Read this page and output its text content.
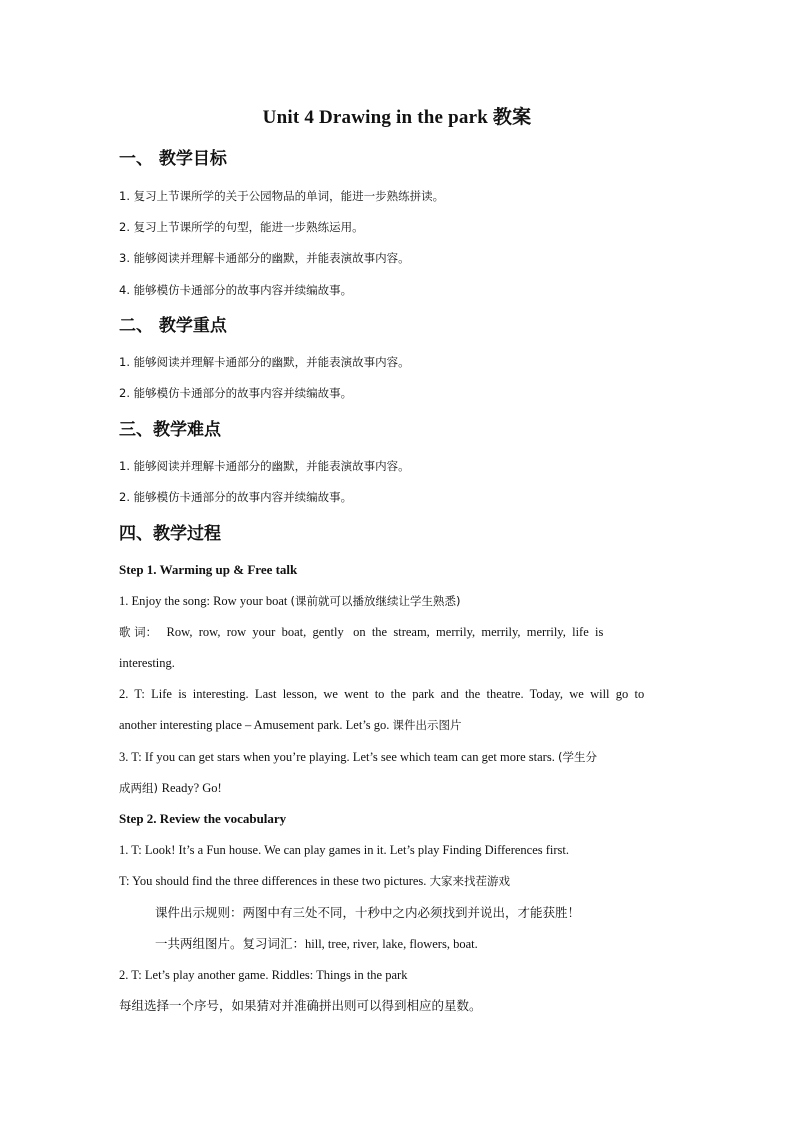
Unit 4 Drawing in the park 教案
一、 教学目标
1. 复习上节课所学的关于公园物品的单词，能进一步熟练拼读。
2. 复习上节课所学的句型，能进一步熟练运用。
3. 能够阅读并理解卡通部分的幽默，并能表演故事内容。
4. 能够模仿卡通部分的故事内容并续编故事。
二、 教学重点
1. 能够阅读并理解卡通部分的幽默，并能表演故事内容。
2. 能够模仿卡通部分的故事内容并续编故事。
三、教学难点
1. 能够阅读并理解卡通部分的幽默，并能表演故事内容。
2. 能够模仿卡通部分的故事内容并续编故事。
四、教学过程
Step 1. Warming up & Free talk
1. Enjoy the song: Row your boat (课前就可以播放继续让学生熟悉)
歌 词：   Row,  row,  row  your  boat,  gently   on  the  stream,  merrily,  merrily,  merrily,  life  is
interesting.
2.  T:  Life  is  interesting.  Last  lesson,  we  went  to  the  park  and  the  theatre.  Today,  we  will  go  to
another interesting place – Amusement park. Let’s go. 课件出示图片
3. T: If you can get stars when you’re playing. Let’s see which team can get more stars. (学生分
成两组) Ready? Go!
Step 2. Review the vocabulary
1. T: Look! It’s a Fun house. We can play games in it. Let’s play Finding Differences first.
T: You should find the three differences in these two pictures. 大家来找茬游戏
课件出示规则：两图中有三处不同，十秒中之内必须找到并说出，才能获胜！
一共两组图片。复习词汇：hill, tree, river, lake, flowers, boat.
2. T: Let’s play another game. Riddles: Things in the park
每组选择一个序号，如果猜对并准确拼出则可以得到相应的星数。
